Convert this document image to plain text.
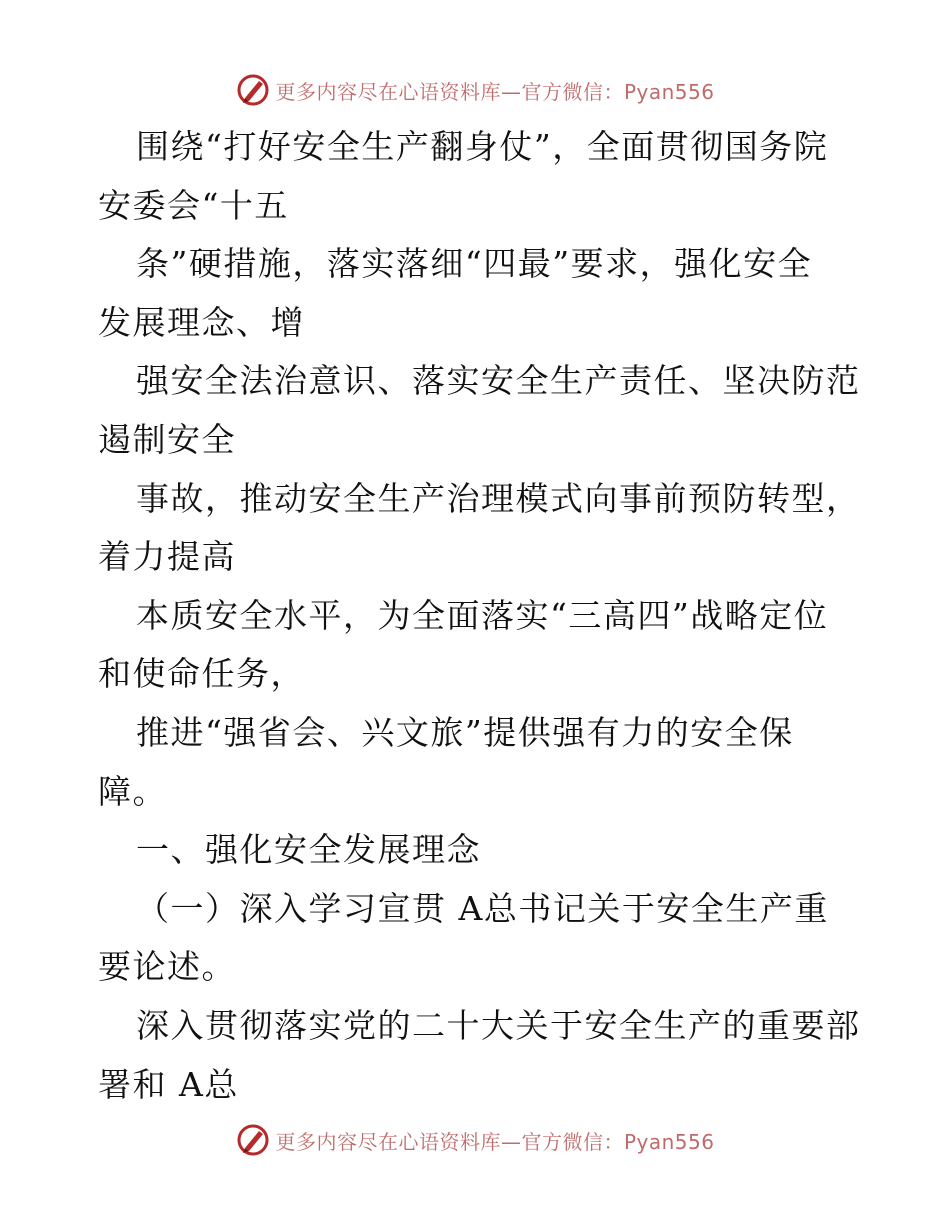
更多内容尽在心语资料库—官方微信：Pyan556
围绕“打好安全生产翻身仗”，全面贯彻国务院
安委会“十五
条”硬措施，落实落细“四最”要求，强化安全
发展理念、增
强安全法治意识、落实安全生产责任、坚决防范
遏制安全
事故，推动安全生产治理模式向事前预防转型，
着力提高
本质安全水平，为全面落实“三高四”战略定位
和使命任务，
推进“强省会、兴文旅”提供强有力的安全保
障。
一、强化安全发展理念
（一）深入学习宣贯 A总书记关于安全生产重
要论述。
深入贯彻落实党的二十大关于安全生产的重要部
署和 A总
更多内容尽在心语资料库—官方微信：Pyan556
